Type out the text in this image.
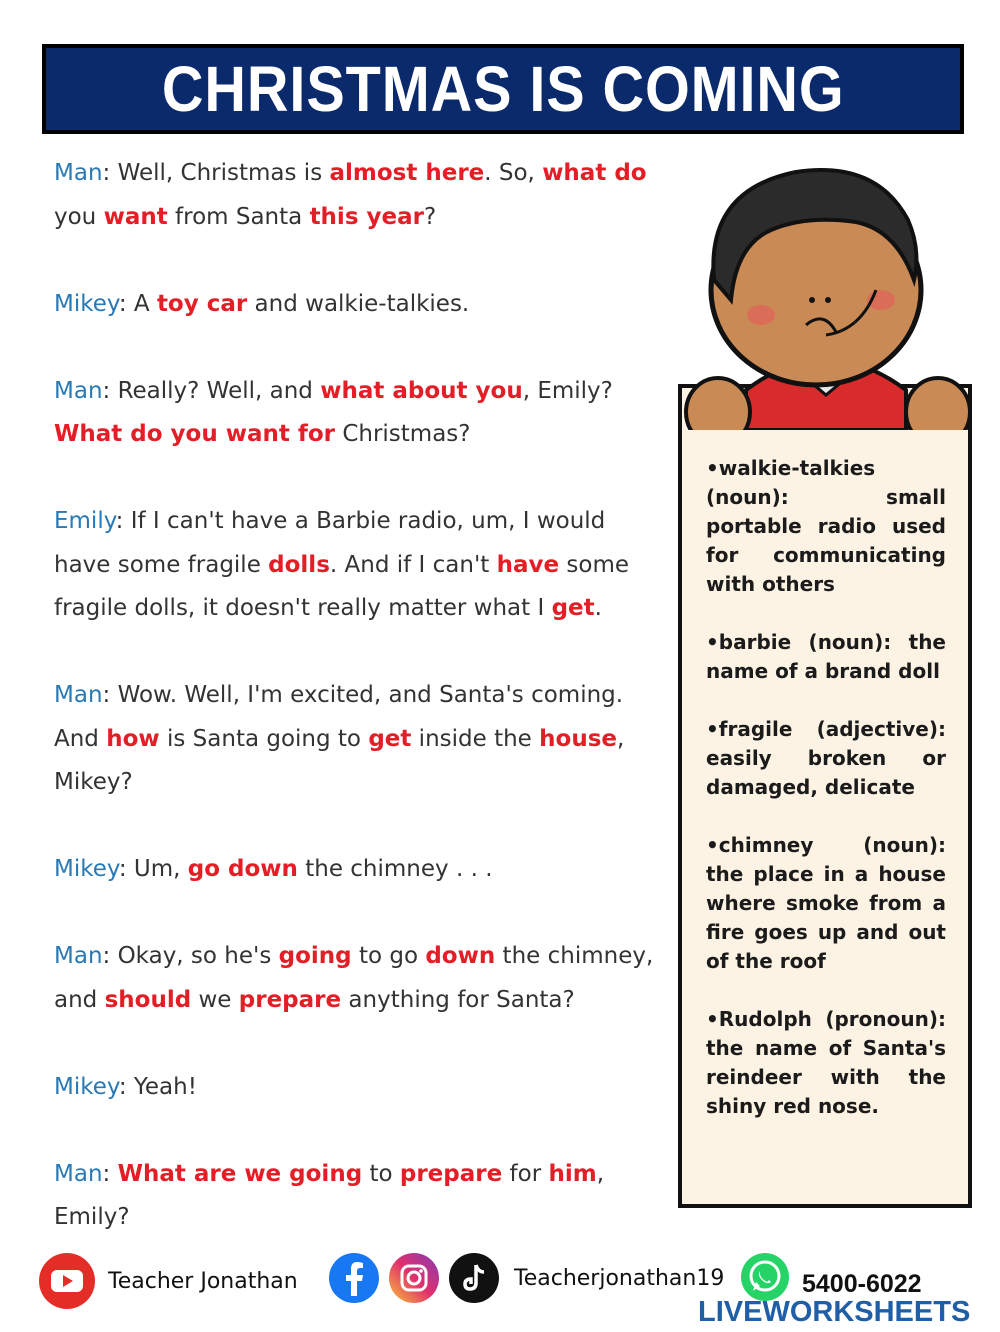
CHRISTMAS IS COMING

Man: Well, Christmas is almost here. So, what do you want from Santa this year?

Mikey: A toy car and walkie-talkies.

Man: Really? Well, and what about you, Emily? What do you want for Christmas?

Emily: If I can't have a Barbie radio, um, I would have some fragile dolls. And if I can't have some fragile dolls, it doesn't really matter what I get.

Man: Wow. Well, I'm excited, and Santa's coming. And how is Santa going to get inside the house, Mikey?

Mikey: Um, go down the chimney . . .

Man: Okay, so he's going to go down the chimney, and should we prepare anything for Santa?

Mikey: Yeah!

Man: What are we going to prepare for him, Emily?

•walkie-talkies (noun): small portable radio used for communicating with others

•barbie (noun): the name of a brand doll

•fragile (adjective): easily broken or damaged, delicate

•chimney (noun): the place in a house where smoke from a fire goes up and out of the roof

•Rudolph (pronoun): the name of Santa's reindeer with the shiny red nose.

Teacher Jonathan	Teacherjonathan19	5400-6022
LIVEWORKSHEETS
